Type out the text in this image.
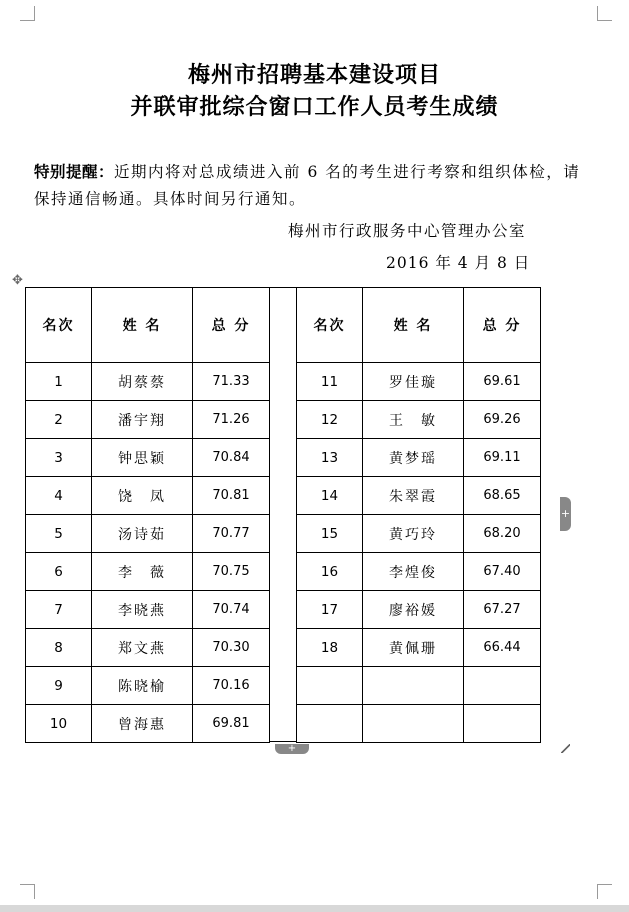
梅州市招聘基本建设项目
并联审批综合窗口工作人员考生成绩
特别提醒：近期内将对总成绩进入前 6 名的考生进行考察和组织体检，请保持通信畅通。具体时间另行通知。
梅州市行政服务中心管理办公室
2016 年 4 月 8 日
✥
名次	姓 名	总 分
1	胡蔡蔡	71.33
2	潘宇翔	71.26
3	钟思颖	70.84
4	饶　凤	70.81
5	汤诗茹	70.77
6	李　薇	70.75
7	李晓燕	70.74
8	郑文燕	70.30
9	陈晓榆	70.16
10	曾海惠	69.81
名次	姓 名	总 分
11	罗佳璇	69.61
12	王　敏	69.26
13	黄梦瑶	69.11
14	朱翠霞	68.65
15	黄巧玲	68.20
16	李煌俊	67.40
17	廖裕媛	67.27
18	黄佩珊	66.44

+
+
